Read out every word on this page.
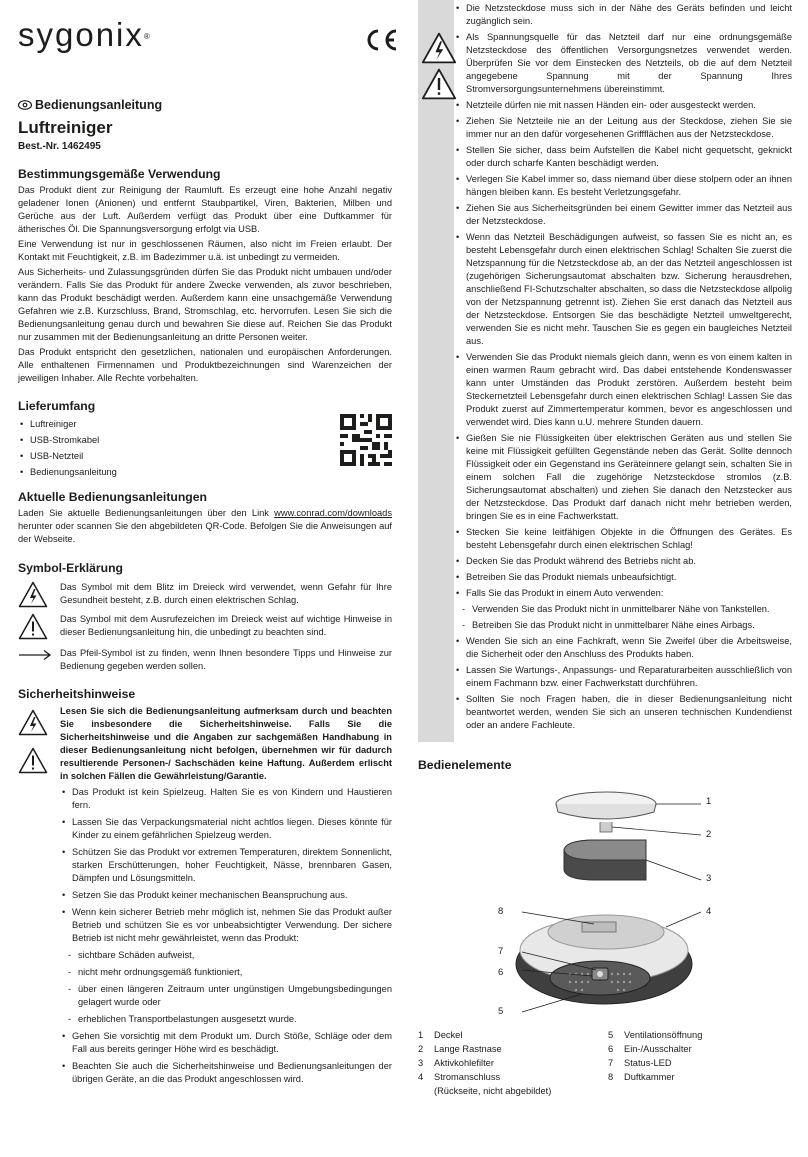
sygonix®
Bedienungsanleitung
Luftreiniger
Best.-Nr. 1462495
Bestimmungsgemäße Verwendung

Das Produkt dient zur Reinigung der Raumluft. Es erzeugt eine hohe Anzahl negativ geladener Ionen (Anionen) und entfernt Staubpartikel, Viren, Bakterien, Milben und Gerüche aus der Luft. Außerdem verfügt das Produkt über eine Duftkammer für ätherisches Öl. Die Spannungsversorgung erfolgt via USB.

Eine Verwendung ist nur in geschlossenen Räumen, also nicht im Freien erlaubt. Der Kontakt mit Feuchtigkeit, z.B. im Badezimmer u.ä. ist unbedingt zu vermeiden.

Aus Sicherheits- und Zulassungsgründen dürfen Sie das Produkt nicht umbauen und/oder verändern. Falls Sie das Produkt für andere Zwecke verwenden, als zuvor beschrieben, kann das Produkt beschädigt werden. Außerdem kann eine unsachgemäße Verwendung Gefahren wie z.B. Kurzschluss, Brand, Stromschlag, etc. hervorrufen. Lesen Sie sich die Bedienungsanleitung genau durch und bewahren Sie diese auf. Reichen Sie das Produkt nur zusammen mit der Bedienungsanleitung an dritte Personen weiter.

Das Produkt entspricht den gesetzlichen, nationalen und europäischen Anforderungen. Alle enthaltenen Firmennamen und Produktbezeichnungen sind Warenzeichen der jeweiligen Inhaber. Alle Rechte vorbehalten.

Lieferumfang
• Luftreiniger
• USB-Stromkabel
• USB-Netzteil
• Bedienungsanleitung
Aktuelle Bedienungsanleitungen

Laden Sie aktuelle Bedienungsanleitungen über den Link www.conrad.com/downloads herunter oder scannen Sie den abgebildeten QR-Code. Befolgen Sie die Anweisungen auf der Webseite.

Symbol-Erklärung
Das Symbol mit dem Blitz im Dreieck wird verwendet, wenn Gefahr für Ihre Gesundheit besteht, z.B. durch einen elektrischen Schlag.
Das Symbol mit dem Ausrufezeichen im Dreieck weist auf wichtige Hinweise in dieser Bedienungsanleitung hin, die unbedingt zu beachten sind.
Das Pfeil-Symbol ist zu finden, wenn Ihnen besondere Tipps und Hinweise zur Bedienung gegeben werden sollen.
Sicherheitshinweise

Lesen Sie sich die Bedienungsanleitung aufmerksam durch und beachten Sie insbesondere die Sicherheitshinweise. Falls Sie die Sicherheitshinweise und die Angaben zur sachgemäßen Handhabung in dieser Bedienungsanleitung nicht befolgen, übernehmen wir für dadurch resultierende Personen-/ Sachschäden keine Haftung. Außerdem erlischt in solchen Fällen die Gewährleistung/Garantie.

• Das Produkt ist kein Spielzeug. Halten Sie es von Kindern und Haustieren fern.
• Lassen Sie das Verpackungsmaterial nicht achtlos liegen. Dieses könnte für Kinder zu einem gefährlichen Spielzeug werden.
• Schützen Sie das Produkt vor extremen Temperaturen, direktem Sonnenlicht, starken Erschütterungen, hoher Feuchtigkeit, Nässe, brennbaren Gasen, Dämpfen und Lösungsmitteln.
• Setzen Sie das Produkt keiner mechanischen Beanspruchung aus.
• Wenn kein sicherer Betrieb mehr möglich ist, nehmen Sie das Produkt außer Betrieb und schützen Sie es vor unbeabsichtigter Verwendung. Der sichere Betrieb ist nicht mehr gewährleistet, wenn das Produkt:
- sichtbare Schäden aufweist,
- nicht mehr ordnungsgemäß funktioniert,
- über einen längeren Zeitraum unter ungünstigen Umgebungsbedingungen gelagert wurde oder
- erheblichen Transportbelastungen ausgesetzt wurde.
• Gehen Sie vorsichtig mit dem Produkt um. Durch Stöße, Schläge oder dem Fall aus bereits geringer Höhe wird es beschädigt.
• Beachten Sie auch die Sicherheitshinweise und Bedienungsanleitungen der übrigen Geräte, an die das Produkt angeschlossen wird.
• Die Netzsteckdose muss sich in der Nähe des Geräts befinden und leicht zugänglich sein.
• Als Spannungsquelle für das Netzteil darf nur eine ordnungsgemäße Netzsteckdose des öffentlichen Versorgungsnetzes verwendet werden. Überprüfen Sie vor dem Einstecken des Netzteils, ob die auf dem Netzteil angegebene Spannung mit der Spannung Ihres Stromversorgungsunternehmens übereinstimmt.
• Netzteile dürfen nie mit nassen Händen ein- oder ausgesteckt werden.
• Ziehen Sie Netzteile nie an der Leitung aus der Steckdose, ziehen Sie sie immer nur an den dafür vorgesehenen Griffflächen aus der Netzsteckdose.
• Stellen Sie sicher, dass beim Aufstellen die Kabel nicht gequetscht, geknickt oder durch scharfe Kanten beschädigt werden.
• Verlegen Sie Kabel immer so, dass niemand über diese stolpern oder an ihnen hängen bleiben kann. Es besteht Verletzungsgefahr.
• Ziehen Sie aus Sicherheitsgründen bei einem Gewitter immer das Netzteil aus der Netzsteckdose.
• Wenn das Netzteil Beschädigungen aufweist, so fassen Sie es nicht an, es besteht Lebensgefahr durch einen elektrischen Schlag! Schalten Sie zuerst die Netzspannung für die Netzsteckdose ab, an der das Netzteil angeschlossen ist (zugehörigen Sicherungsautomat abschalten bzw. Sicherung herausdrehen, anschließend FI-Schutzschalter abschalten, so dass die Netzsteckdose allpolig von der Netzspannung getrennt ist). Ziehen Sie erst danach das Netzteil aus der Netzsteckdose. Entsorgen Sie das beschädigte Netzteil umweltgerecht, verwenden Sie es nicht mehr. Tauschen Sie es gegen ein baugleiches Netzteil aus.
• Verwenden Sie das Produkt niemals gleich dann, wenn es von einem kalten in einen warmen Raum gebracht wird. Das dabei entstehende Kondenswasser kann unter Umständen das Produkt zerstören. Außerdem besteht beim Steckernetzteil Lebensgefahr durch einen elektrischen Schlag! Lassen Sie das Produkt zuerst auf Zimmertemperatur kommen, bevor es angeschlossen und verwendet wird. Dies kann u.U. mehrere Stunden dauern.
• Gießen Sie nie Flüssigkeiten über elektrischen Geräten aus und stellen Sie keine mit Flüssigkeit gefüllten Gegenstände neben das Gerät. Sollte dennoch Flüssigkeit oder ein Gegenstand ins Geräteinnere gelangt sein, schalten Sie in einem solchen Fall die zugehörige Netzsteckdose stromlos (z.B. Sicherungsautomat abschalten) und ziehen Sie danach den Netzstecker aus der Netzsteckdose. Das Produkt darf danach nicht mehr betrieben werden, bringen Sie es in eine Fachwerkstatt.
• Stecken Sie keine leitfähigen Objekte in die Öffnungen des Gerätes. Es besteht Lebensgefahr durch einen elektrischen Schlag!
• Decken Sie das Produkt während des Betriebs nicht ab.
• Betreiben Sie das Produkt niemals unbeaufsichtigt.
• Falls Sie das Produkt in einem Auto verwenden:
- Verwenden Sie das Produkt nicht in unmittelbarer Nähe von Tankstellen.
- Betreiben Sie das Produkt nicht in unmittelbarer Nähe eines Airbags.
• Wenden Sie sich an eine Fachkraft, wenn Sie Zweifel über die Arbeitsweise, die Sicherheit oder den Anschluss des Produkts haben.
• Lassen Sie Wartungs-, Anpassungs- und Reparaturarbeiten ausschließlich von einem Fachmann bzw. einer Fachwerkstatt durchführen.
• Sollten Sie noch Fragen haben, die in dieser Bedienungsanleitung nicht beantwortet werden, wenden Sie sich an unseren technischen Kundendienst oder an andere Fachleute.
Bedienelemente
1
2
3
4
5
6
7
8
1 Deckel
2 Lange Rastnase
3 Aktivkohlefilter
4 Stromanschluss
(Rückseite, nicht abgebildet)
5 Ventilationsöffnung
6 Ein-/Ausschalter
7 Status-LED
8 Duftkammer
